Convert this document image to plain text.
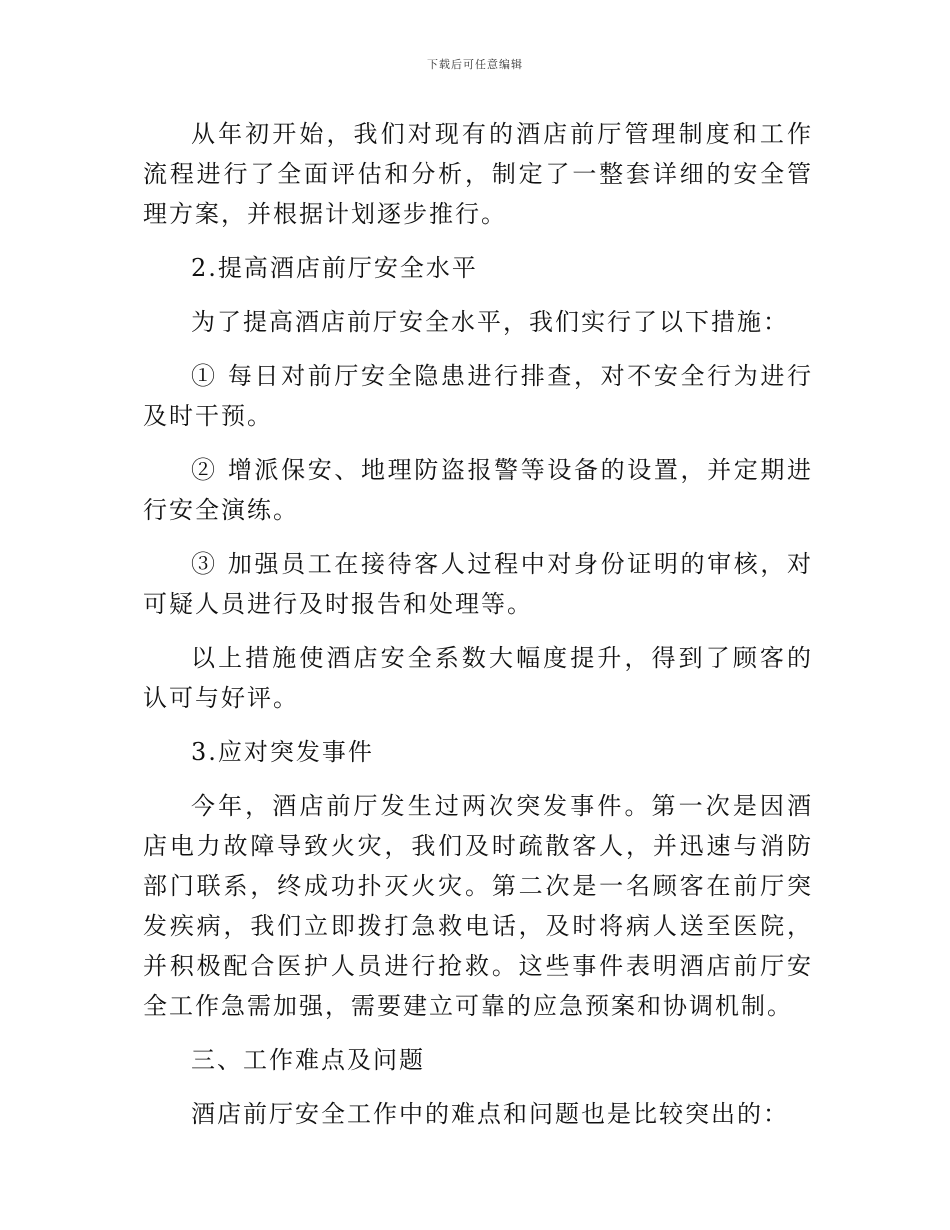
下载后可任意编辑

从年初开始，我们对现有的酒店前厅管理制度和工作流程进行了全面评估和分析，制定了一整套详细的安全管理方案，并根据计划逐步推行。

2.提高酒店前厅安全水平

为了提高酒店前厅安全水平，我们实行了以下措施：

① 每日对前厅安全隐患进行排查，对不安全行为进行及时干预。

② 增派保安、地理防盗报警等设备的设置，并定期进行安全演练。

③ 加强员工在接待客人过程中对身份证明的审核，对可疑人员进行及时报告和处理等。

以上措施使酒店安全系数大幅度提升，得到了顾客的认可与好评。

3.应对突发事件

今年，酒店前厅发生过两次突发事件。第一次是因酒店电力故障导致火灾，我们及时疏散客人，并迅速与消防部门联系，终成功扑灭火灾。第二次是一名顾客在前厅突发疾病，我们立即拨打急救电话，及时将病人送至医院，并积极配合医护人员进行抢救。这些事件表明酒店前厅安全工作急需加强，需要建立可靠的应急预案和协调机制。

三、工作难点及问题

酒店前厅安全工作中的难点和问题也是比较突出的：
